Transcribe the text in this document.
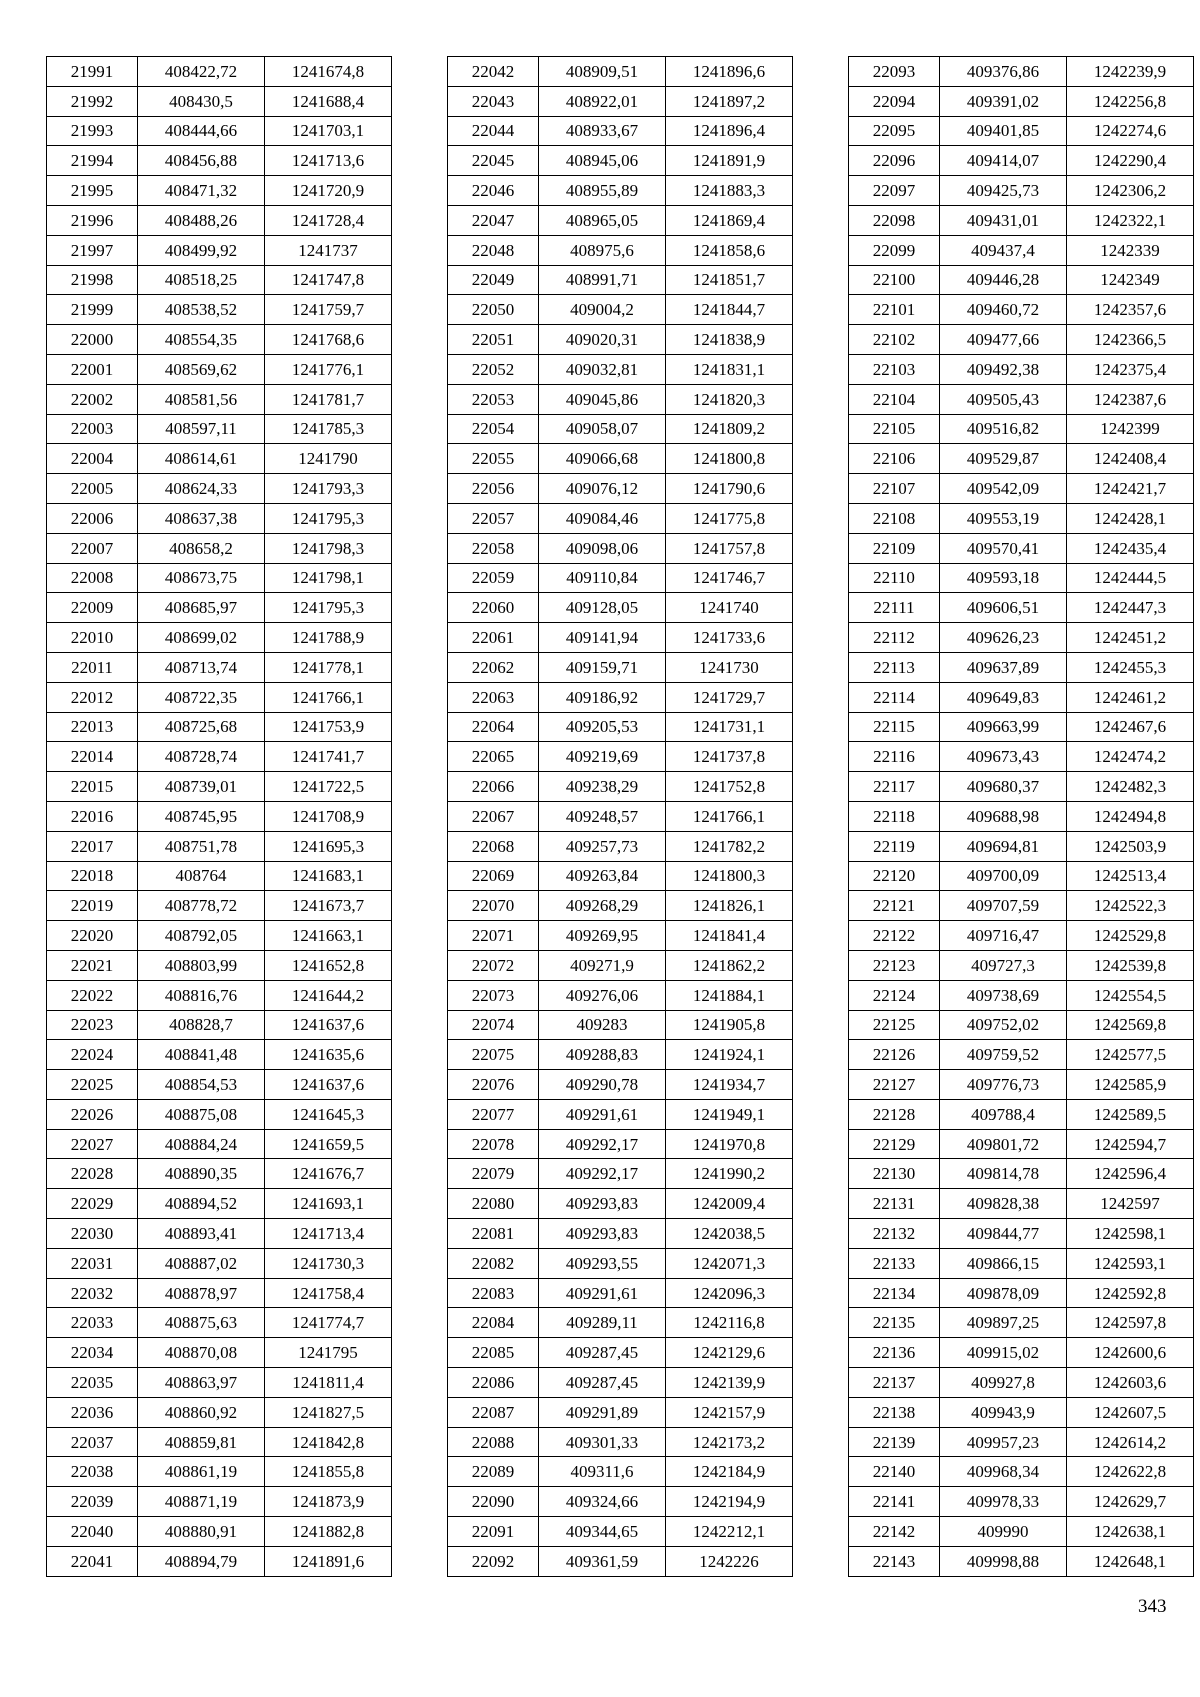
21991	408422,72	1241674,8
21992	408430,5	1241688,4
21993	408444,66	1241703,1
21994	408456,88	1241713,6
21995	408471,32	1241720,9
21996	408488,26	1241728,4
21997	408499,92	1241737
21998	408518,25	1241747,8
21999	408538,52	1241759,7
22000	408554,35	1241768,6
22001	408569,62	1241776,1
22002	408581,56	1241781,7
22003	408597,11	1241785,3
22004	408614,61	1241790
22005	408624,33	1241793,3
22006	408637,38	1241795,3
22007	408658,2	1241798,3
22008	408673,75	1241798,1
22009	408685,97	1241795,3
22010	408699,02	1241788,9
22011	408713,74	1241778,1
22012	408722,35	1241766,1
22013	408725,68	1241753,9
22014	408728,74	1241741,7
22015	408739,01	1241722,5
22016	408745,95	1241708,9
22017	408751,78	1241695,3
22018	408764	1241683,1
22019	408778,72	1241673,7
22020	408792,05	1241663,1
22021	408803,99	1241652,8
22022	408816,76	1241644,2
22023	408828,7	1241637,6
22024	408841,48	1241635,6
22025	408854,53	1241637,6
22026	408875,08	1241645,3
22027	408884,24	1241659,5
22028	408890,35	1241676,7
22029	408894,52	1241693,1
22030	408893,41	1241713,4
22031	408887,02	1241730,3
22032	408878,97	1241758,4
22033	408875,63	1241774,7
22034	408870,08	1241795
22035	408863,97	1241811,4
22036	408860,92	1241827,5
22037	408859,81	1241842,8
22038	408861,19	1241855,8
22039	408871,19	1241873,9
22040	408880,91	1241882,8
22041	408894,79	1241891,6
22042	408909,51	1241896,6
22043	408922,01	1241897,2
22044	408933,67	1241896,4
22045	408945,06	1241891,9
22046	408955,89	1241883,3
22047	408965,05	1241869,4
22048	408975,6	1241858,6
22049	408991,71	1241851,7
22050	409004,2	1241844,7
22051	409020,31	1241838,9
22052	409032,81	1241831,1
22053	409045,86	1241820,3
22054	409058,07	1241809,2
22055	409066,68	1241800,8
22056	409076,12	1241790,6
22057	409084,46	1241775,8
22058	409098,06	1241757,8
22059	409110,84	1241746,7
22060	409128,05	1241740
22061	409141,94	1241733,6
22062	409159,71	1241730
22063	409186,92	1241729,7
22064	409205,53	1241731,1
22065	409219,69	1241737,8
22066	409238,29	1241752,8
22067	409248,57	1241766,1
22068	409257,73	1241782,2
22069	409263,84	1241800,3
22070	409268,29	1241826,1
22071	409269,95	1241841,4
22072	409271,9	1241862,2
22073	409276,06	1241884,1
22074	409283	1241905,8
22075	409288,83	1241924,1
22076	409290,78	1241934,7
22077	409291,61	1241949,1
22078	409292,17	1241970,8
22079	409292,17	1241990,2
22080	409293,83	1242009,4
22081	409293,83	1242038,5
22082	409293,55	1242071,3
22083	409291,61	1242096,3
22084	409289,11	1242116,8
22085	409287,45	1242129,6
22086	409287,45	1242139,9
22087	409291,89	1242157,9
22088	409301,33	1242173,2
22089	409311,6	1242184,9
22090	409324,66	1242194,9
22091	409344,65	1242212,1
22092	409361,59	1242226
22093	409376,86	1242239,9
22094	409391,02	1242256,8
22095	409401,85	1242274,6
22096	409414,07	1242290,4
22097	409425,73	1242306,2
22098	409431,01	1242322,1
22099	409437,4	1242339
22100	409446,28	1242349
22101	409460,72	1242357,6
22102	409477,66	1242366,5
22103	409492,38	1242375,4
22104	409505,43	1242387,6
22105	409516,82	1242399
22106	409529,87	1242408,4
22107	409542,09	1242421,7
22108	409553,19	1242428,1
22109	409570,41	1242435,4
22110	409593,18	1242444,5
22111	409606,51	1242447,3
22112	409626,23	1242451,2
22113	409637,89	1242455,3
22114	409649,83	1242461,2
22115	409663,99	1242467,6
22116	409673,43	1242474,2
22117	409680,37	1242482,3
22118	409688,98	1242494,8
22119	409694,81	1242503,9
22120	409700,09	1242513,4
22121	409707,59	1242522,3
22122	409716,47	1242529,8
22123	409727,3	1242539,8
22124	409738,69	1242554,5
22125	409752,02	1242569,8
22126	409759,52	1242577,5
22127	409776,73	1242585,9
22128	409788,4	1242589,5
22129	409801,72	1242594,7
22130	409814,78	1242596,4
22131	409828,38	1242597
22132	409844,77	1242598,1
22133	409866,15	1242593,1
22134	409878,09	1242592,8
22135	409897,25	1242597,8
22136	409915,02	1242600,6
22137	409927,8	1242603,6
22138	409943,9	1242607,5
22139	409957,23	1242614,2
22140	409968,34	1242622,8
22141	409978,33	1242629,7
22142	409990	1242638,1
22143	409998,88	1242648,1
343
